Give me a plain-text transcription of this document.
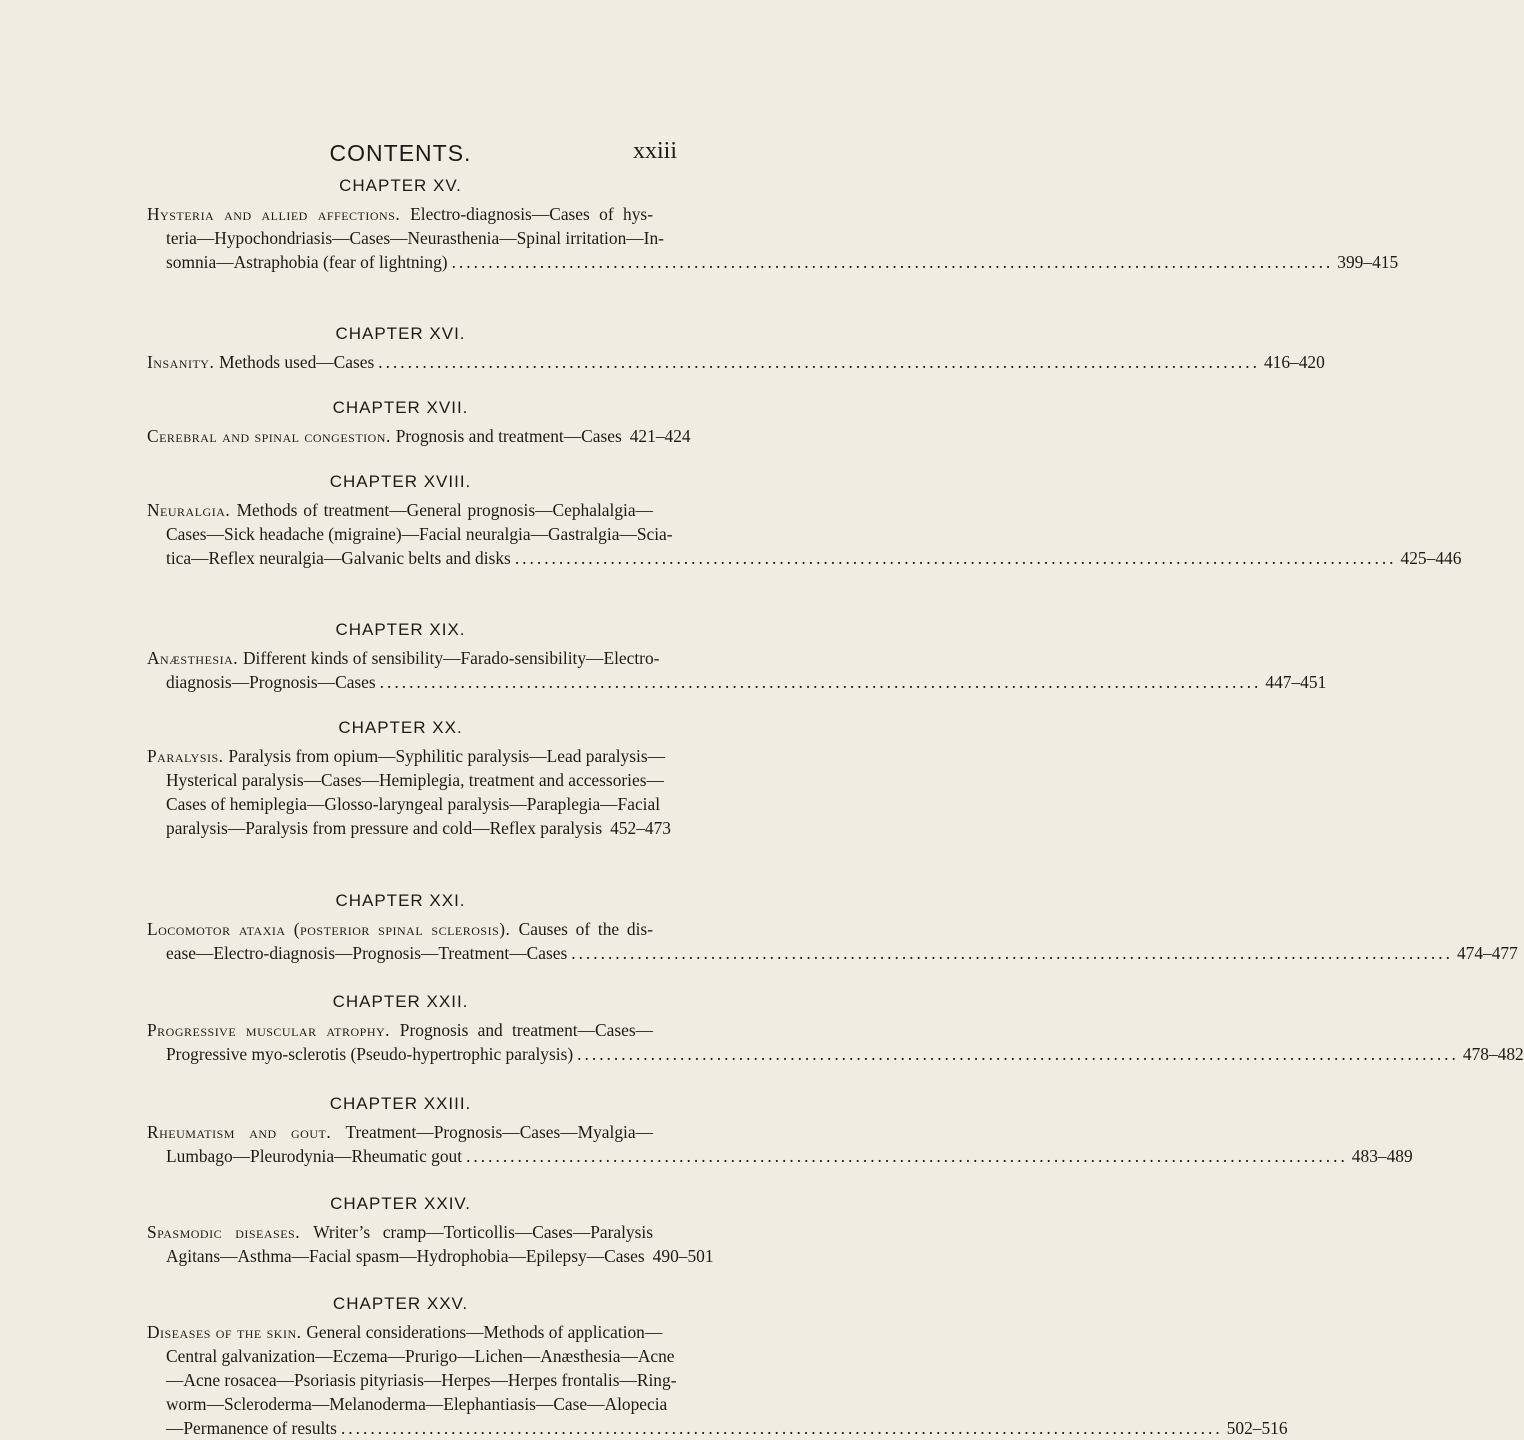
CONTENTS.	xxiii
CHAPTER XV.
Hysteria and allied affections. Electro-diagnosis—Cases of hys-
teria—Hypochondriasis—Cases—Neurasthenia—Spinal irritation—In-
somnia—Astraphobia (fear of lightning) ........................................................................................................................ 399–415
CHAPTER XVI.
Insanity. Methods used—Cases ........................................................................................................................ 416–420
CHAPTER XVII.
Cerebral and spinal congestion. Prognosis and treatment—Cases 421–424
CHAPTER XVIII.
Neuralgia. Methods of treatment—General prognosis—Cephalalgia—
Cases—Sick headache (migraine)—Facial neuralgia—Gastralgia—Scia-
tica—Reflex neuralgia—Galvanic belts and disks ........................................................................................................................ 425–446
CHAPTER XIX.
Anæsthesia. Different kinds of sensibility—Farado-sensibility—Electro-
diagnosis—Prognosis—Cases ........................................................................................................................ 447–451
CHAPTER XX.
Paralysis. Paralysis from opium—Syphilitic paralysis—Lead paralysis—
Hysterical paralysis—Cases—Hemiplegia, treatment and accessories—
Cases of hemiplegia—Glosso-laryngeal paralysis—Paraplegia—Facial
paralysis—Paralysis from pressure and cold—Reflex paralysis 452–473
CHAPTER XXI.
Locomotor ataxia (posterior spinal sclerosis). Causes of the dis-
ease—Electro-diagnosis—Prognosis—Treatment—Cases ........................................................................................................................ 474–477
CHAPTER XXII.
Progressive muscular atrophy. Prognosis and treatment—Cases—
Progressive myo-sclerotis (Pseudo-hypertrophic paralysis) ........................................................................................................................ 478–482
CHAPTER XXIII.
Rheumatism and gout. Treatment—Prognosis—Cases—Myalgia—
Lumbago—Pleurodynia—Rheumatic gout ........................................................................................................................ 483–489
CHAPTER XXIV.
Spasmodic diseases. Writer’s cramp—Torticollis—Cases—Paralysis
Agitans—Asthma—Facial spasm—Hydrophobia—Epilepsy—Cases 490–501
CHAPTER XXV.
Diseases of the skin. General considerations—Methods of application—
Central galvanization—Eczema—Prurigo—Lichen—Anæsthesia—Acne
—Acne rosacea—Psoriasis pityriasis—Herpes—Herpes frontalis—Ring-
worm—Scleroderma—Melanoderma—Elephantiasis—Case—Alopecia
—Permanence of results ........................................................................................................................ 502–516
